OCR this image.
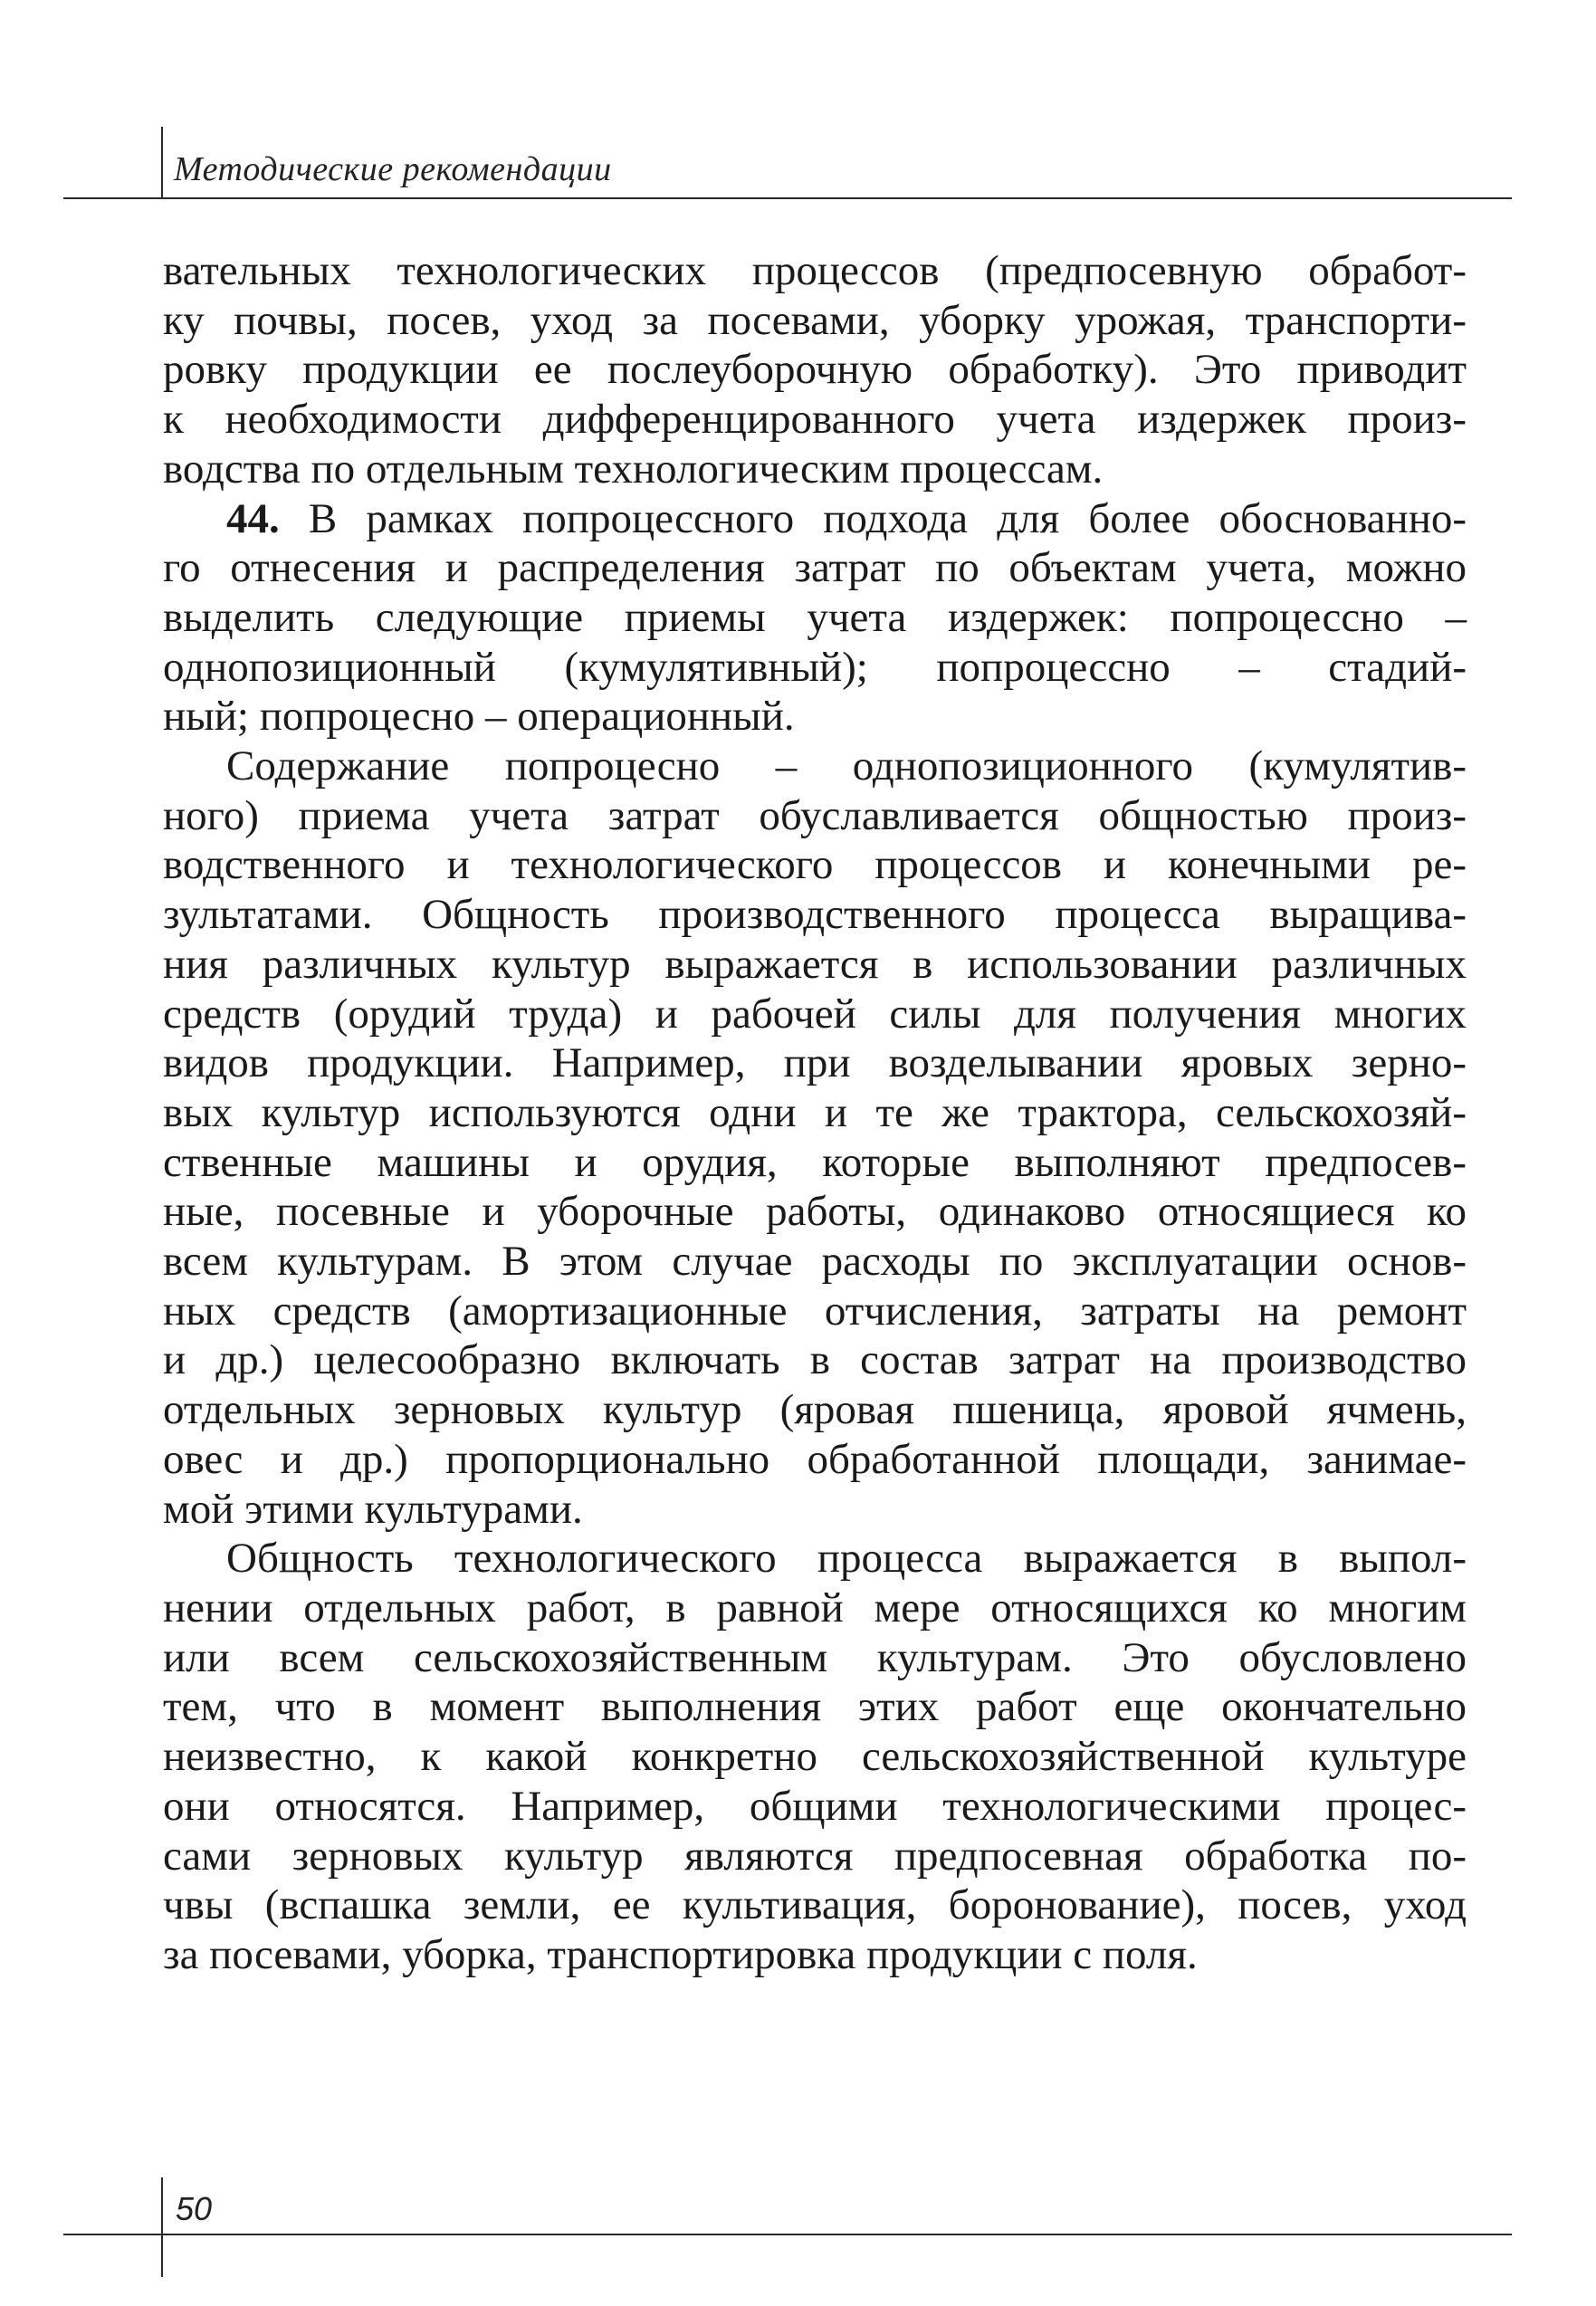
Методические рекомендации
вательных технологических процессов (предпосевную обработ-
ку почвы, посев, уход за посевами, уборку урожая, транспорти-
ровку продукции ее послеуборочную обработку). Это приводит
к необходимости дифференцированного учета издержек произ-
водства по отдельным технологическим процессам.
44. В рамках попроцессного подхода для более обоснованно-
го отнесения и распределения затрат по объектам учета, можно
выделить следующие приемы учета издержек: попроцессно –
однопозиционный (кумулятивный); попроцессно – стадий-
ный; попроцесно – операционный.
Содержание попроцесно – однопозиционного (кумулятив-
ного) приема учета затрат обуславливается общностью произ-
водственного и технологического процессов и конечными ре-
зультатами. Общность производственного процесса выращива-
ния различных культур выражается в использовании различных
средств (орудий труда) и рабочей силы для получения многих
видов продукции. Например, при возделывании яровых зерно-
вых культур используются одни и те же трактора, сельскохозяй-
ственные машины и орудия, которые выполняют предпосев-
ные, посевные и уборочные работы, одинаково относящиеся ко
всем культурам. В этом случае расходы по эксплуатации основ-
ных средств (амортизационные отчисления, затраты на ремонт
и др.) целесообразно включать в состав затрат на производство
отдельных зерновых культур (яровая пшеница, яровой ячмень,
овес и др.) пропорционально обработанной площади, занимае-
мой этими культурами.
Общность технологического процесса выражается в выпол-
нении отдельных работ, в равной мере относящихся ко многим
или всем сельскохозяйственным культурам. Это обусловлено
тем, что в момент выполнения этих работ еще окончательно
неизвестно, к какой конкретно сельскохозяйственной культуре
они относятся. Например, общими технологическими процес-
сами зерновых культур являются предпосевная обработка по-
чвы (вспашка земли, ее культивация, боронование), посев, уход
за посевами, уборка, транспортировка продукции с поля.
50
